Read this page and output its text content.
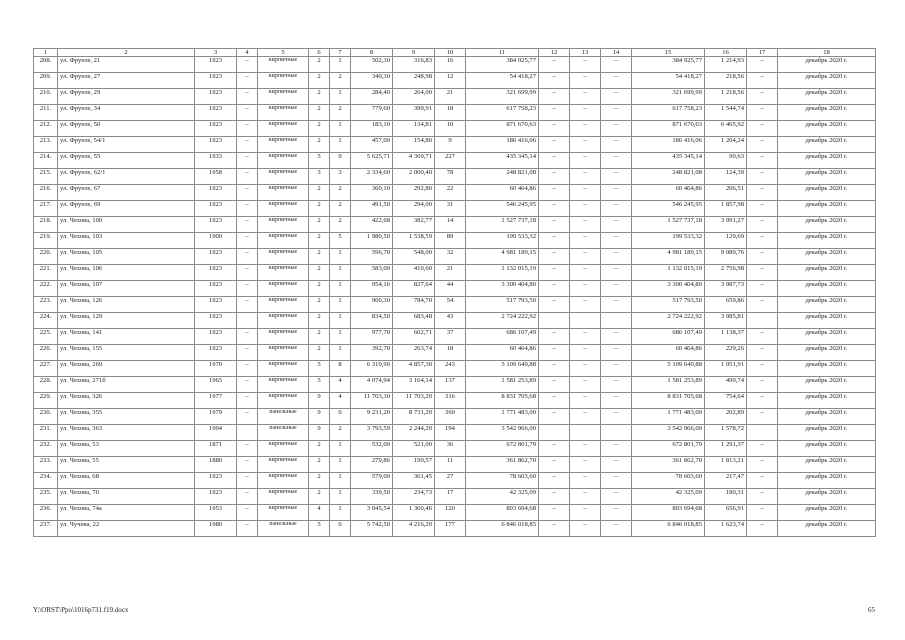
1	2	3	4	5	6	7	8	9	10	11	12	13	14	15	16	17	18
208.	ул. Фрунзе, 21	1923	–	кирпичные	2	1	502,30	316,83	16	384 925,77	–	–	–	384 925,77	1 214,93	–	декабрь 2020 г.
209.	ул. Фрунзе, 27	1923	–	кирпичные	2	2	340,30	248,98	12	54 418,27	–	–	–	54 418,27	218,56	–	декабрь 2020 г.
210.	ул. Фрунзе, 29	1923	–	кирпичные	2	1	284,40	264,00	21	321 699,99	–	–	–	321 699,99	1 218,56	–	декабрь 2020 г.
211.	ул. Фрунзе, 34	1923	–	кирпичные	2	2	779,60	399,91	18	617 758,23	–	–	–	617 758,23	1 544,74	–	декабрь 2020 г.
212.	ул. Фрунзе, 50	1923	–	кирпичные	2	1	183,10	134,81	10	871 670,63	–	–	–	871 670,63	6 465,92	–	декабрь 2020 г.
213.	ул. Фрунзе, 54/1	1923	–	кирпичные	2	1	457,00	154,80	9	186 416,06	–	–	–	186 416,06	1 204,24	–	декабрь 2020 г.
214.	ул. Фрунзе, 55	1933	–	кирпичные	5	9	5 625,71	4 369,71	227	435 345,14	–	–	–	435 345,14	99,63	–	декабрь 2020 г.
215.	ул. Фрунзе, 62/1	1958	–	кирпичные	3	3	2 334,60	2 000,40	78	248 821,08	–	–	–	248 821,08	124,39	–	декабрь 2020 г.
216.	ул. Фрунзе, 67	1923	–	кирпичные	2	2	360,10	292,80	22	60 464,86	–	–	–	60 464,86	206,51	–	декабрь 2020 г.
217.	ул. Фрунзе, 69	1923	–	кирпичные	2	2	491,50	294,00	31	546 245,95	–	–	–	546 245,95	1 857,98	–	декабрь 2020 г.
218.	ул. Чехова, 100	1923	–	кирпичные	2	2	422,68	382,77	14	1 527 737,18	–	–	–	1 527 737,18	3 991,27	–	декабрь 2020 г.
219.	ул. Чехова, 103	1900	–	кирпичные	2	5	1 980,50	1 538,59	89	199 533,32	–	–	–	199 533,32	129,69	–	декабрь 2020 г.
220.	ул. Чехова, 105	1923	–	кирпичные	2	1	596,70	548,00	32	4 981 189,15	–	–	–	4 981 189,15	9 089,76	–	декабрь 2020 г.
221.	ул. Чехова, 106	1923	–	кирпичные	2	1	583,00	410,60	21	1 132 015,19	–	–	–	1 132 015,19	2 756,98	–	декабрь 2020 г.
222.	ул. Чехова, 107	1923	–	кирпичные	2	1	954,16	827,64	44	3 300 404,80	–	–	–	3 300 404,80	3 987,73	–	декабрь 2020 г.
223.	ул. Чехова, 126	1923	–	кирпичные	2	1	960,30	784,70	54	517 793,50	–	–	–	517 793,50	659,86	–	декабрь 2020 г.
224.	ул. Чехова, 129	1923		кирпичные	2	1	834,50	683,48	43	2 724 222,92				2 724 222,92	3 985,81		декабрь 2020 г.
225.	ул. Чехова, 141	1923	–	кирпичные	2	1	977,70	602,71	37	686 107,49	–	–	–	686 107,49	1 138,37	–	декабрь 2020 г.
226.	ул. Чехова, 155	1923	–	кирпичные	2	1	392,70	263,74	18	60 464,86	–	–	–	60 464,86	229,26	–	декабрь 2020 г.
227.	ул. Чехова, 269	1970	–	кирпичные	5	8	6 319,90	4 857,30	243	5 109 640,88	–	–	–	5 109 640,88	1 051,91	–	декабрь 2020 г.
228.	ул. Чехова, 271б	1965	–	кирпичные	5	4	4 074,94	3 164,14	137	1 581 253,89	–	–	–	1 581 253,89	499,74	–	декабрь 2020 г.
229.	ул. Чехова, 326	1977	–	кирпичные	9	4	11 703,30	11 703,20	316	8 831 705,68	–	–	–	8 831 705,68	754,64	–	декабрь 2020 г.
230.	ул. Чехова, 355	1979	–	панельные	9	6	9 231,20	8 731,20	360	1 771 483,00	–	–	–	1 771 483,00	202,89	–	декабрь 2020 г.
231.	ул. Чехова, 363	1994		панельные	9	2	3 793,59	2 244,20	194	3 542 966,00				3 542 966,00	1 578,72		декабрь 2020 г.
232.	ул. Чехова, 53	1871	–	кирпичные	2	1	532,00	521,00	36	672 801,79	–	–	–	672 801,79	1 291,37	–	декабрь 2020 г.
233.	ул. Чехова, 55	1880	–	кирпичные	2	1	279,86	199,57	11	361 862,70	–	–	–	361 862,70	1 813,21	–	декабрь 2020 г.
234.	ул. Чехова, 68	1923	–	кирпичные	2	1	579,00	361,45	27	78 603,60	–	–	–	78 603,60	217,47	–	декабрь 2020 г.
235.	ул. Чехова, 70	1923	–	кирпичные	2	1	339,50	234,73	17	42 325,09	–	–	–	42 325,09	180,31	–	декабрь 2020 г.
236.	ул. Чехова, 74а	1953	–	кирпичные	4	1	3 045,54	1 360,46	120	893 694,68	–	–	–	893 694,68	656,91	–	декабрь 2020 г.
237.	ул. Чучева, 22	1980	–	панельные	5	6	5 742,50	4 216,20	177	6 846 018,85	–	–	–	6 846 018,85	1 623,74	–	декабрь 2020 г.
Y:\ORST\Ppo\1016p731.f19.docx	65
